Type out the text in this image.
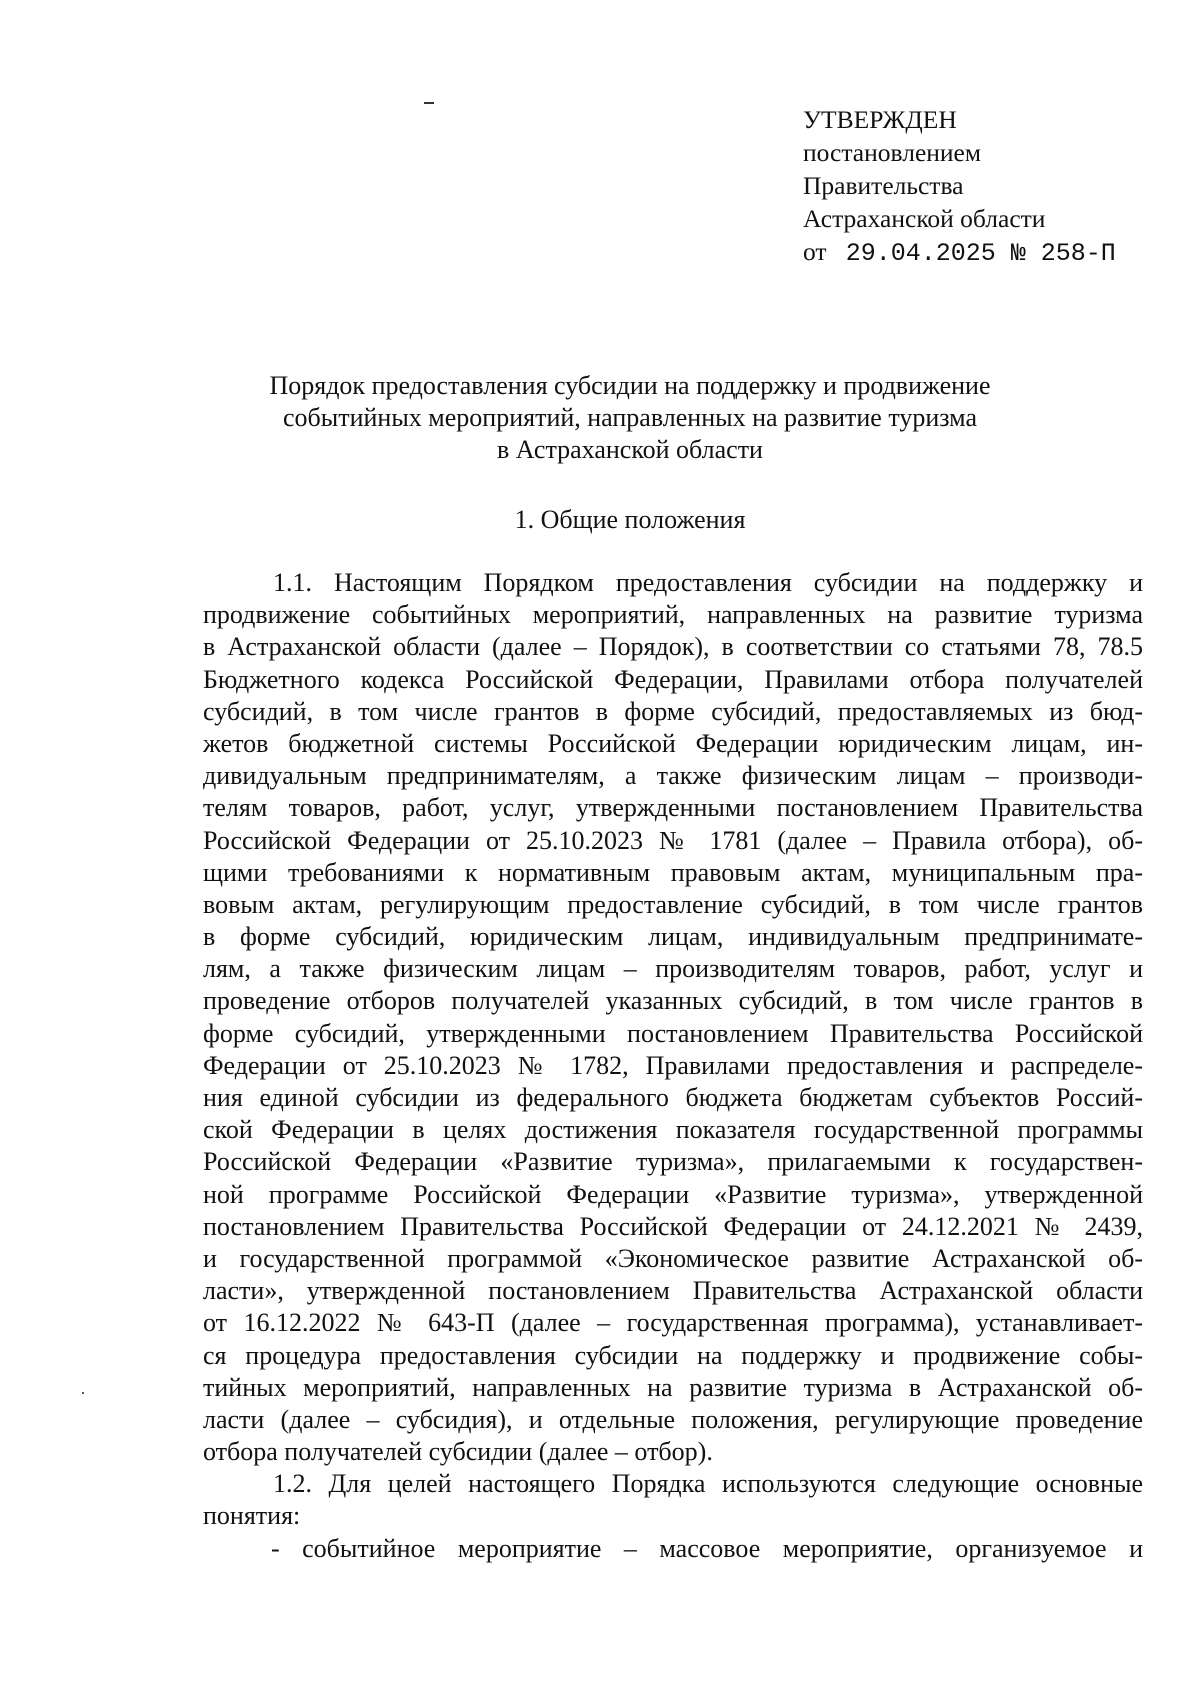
УТВЕРЖДЕН
постановлением
Правительства
Астраханской области
от 29.04.2025 № 258-П
Порядок предоставления субсидии на поддержку и продвижение
событийных мероприятий, направленных на развитие туризма
в Астраханской области
1. Общие положения
1.1. Настоящим Порядком предоставления субсидии на поддержку и
продвижение событийных мероприятий, направленных на развитие туризма
в Астраханской области (далее – Порядок), в соответствии со статьями 78, 78.5
Бюджетного кодекса Российской Федерации, Правилами отбора получателей
субсидий, в том числе грантов в форме субсидий, предоставляемых из бюд-
жетов бюджетной системы Российской Федерации юридическим лицам, ин-
дивидуальным предпринимателям, а также физическим лицам – производи-
телям товаров, работ, услуг, утвержденными постановлением Правительства
Российской Федерации от 25.10.2023 № 1781 (далее – Правила отбора), об-
щими требованиями к нормативным правовым актам, муниципальным пра-
вовым актам, регулирующим предоставление субсидий, в том числе грантов
в форме субсидий, юридическим лицам, индивидуальным предпринимате-
лям, а также физическим лицам – производителям товаров, работ, услуг и
проведение отборов получателей указанных субсидий, в том числе грантов в
форме субсидий, утвержденными постановлением Правительства Российской
Федерации от 25.10.2023 № 1782, Правилами предоставления и распределе-
ния единой субсидии из федерального бюджета бюджетам субъектов Россий-
ской Федерации в целях достижения показателя государственной программы
Российской Федерации «Развитие туризма», прилагаемыми к государствен-
ной программе Российской Федерации «Развитие туризма», утвержденной
постановлением Правительства Российской Федерации от 24.12.2021 № 2439,
и государственной программой «Экономическое развитие Астраханской об-
ласти», утвержденной постановлением Правительства Астраханской области
от 16.12.2022 № 643-П (далее – государственная программа), устанавливает-
ся процедура предоставления субсидии на поддержку и продвижение собы-
тийных мероприятий, направленных на развитие туризма в Астраханской об-
ласти (далее – субсидия), и отдельные положения, регулирующие проведение
отбора получателей субсидии (далее – отбор).
1.2. Для целей настоящего Порядка используются следующие основные
понятия:
- событийное мероприятие – массовое мероприятие, организуемое и
